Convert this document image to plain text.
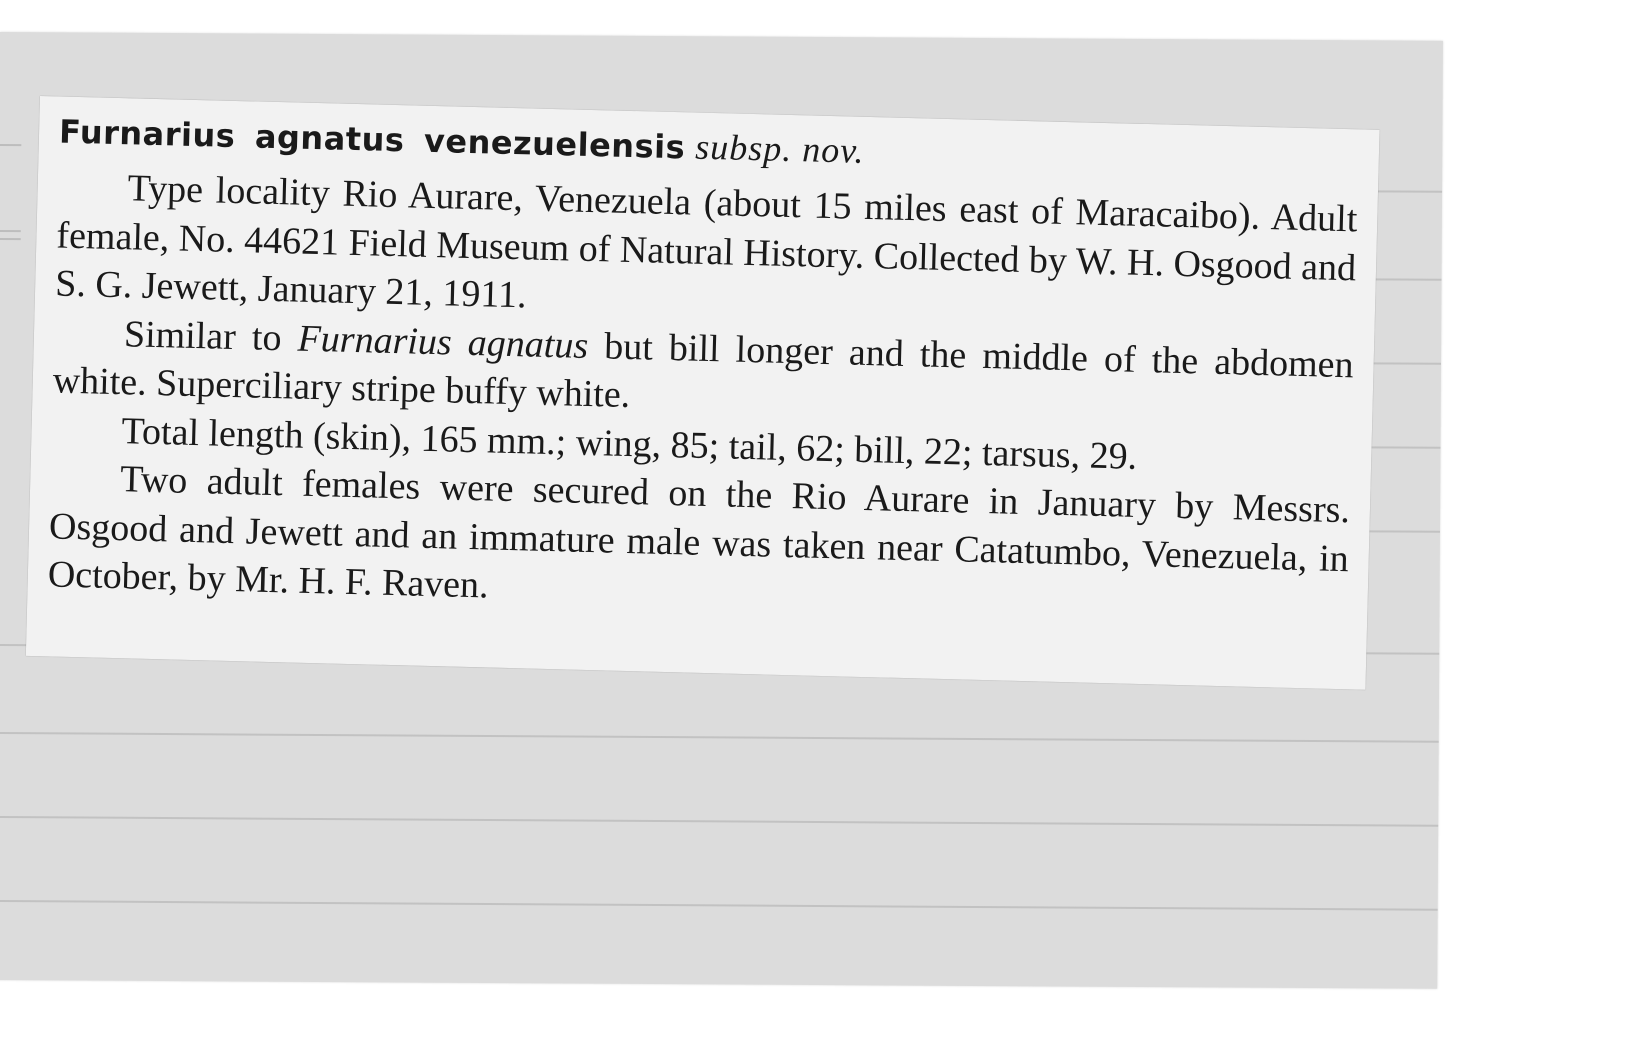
Furnarius agnatus venezuelensis subsp. nov.

Type locality Rio Aurare, Venezuela (about 15 miles east of Maracaibo). Adult female, No. 44621 Field Museum of Natural History. Collected by W. H. Osgood and S. G. Jewett, January 21, 1911.

Similar to Furnarius agnatus but bill longer and the middle of the abdomen white. Superciliary stripe buffy white.

Total length (skin), 165 mm.; wing, 85; tail, 62; bill, 22; tarsus, 29.

Two adult females were secured on the Rio Aurare in January by Messrs. Osgood and Jewett and an immature male was taken near Catatumbo, Venezuela, in October, by Mr. H. F. Raven.
